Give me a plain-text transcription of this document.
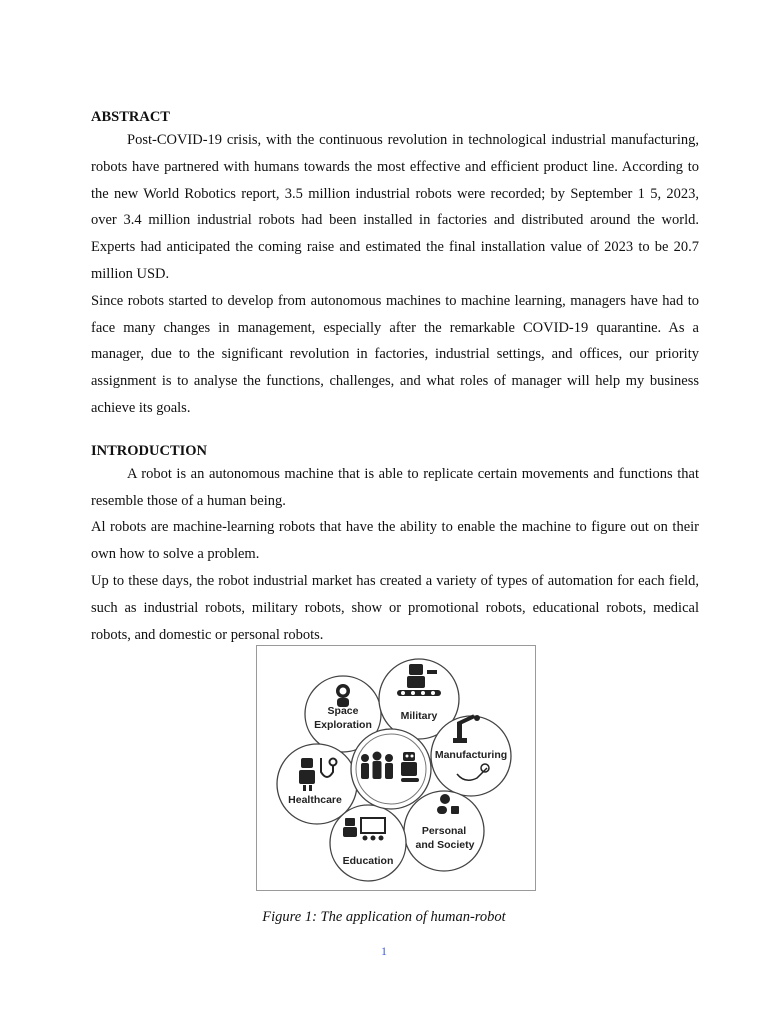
ABSTRACT

Post-COVID-19 crisis, with the continuous revolution in technological industrial manufacturing, robots have partnered with humans towards the most effective and efficient product line. According to the new World Robotics report, 3.5 million industrial robots were recorded; by September 1 5, 2023, over 3.4 million industrial robots had been installed in factories and distributed around the world. Experts had anticipated the coming raise and estimated the final installation value of 2023 to be 20.7 million USD.

Since robots started to develop from autonomous machines to machine learning, managers have had to face many changes in management, especially after the remarkable COVID-19 quarantine. As a manager, due to the significant revolution in factories, industrial settings, and offices, our priority assignment is to analyse the functions, challenges, and what roles of manager will help my business achieve its goals.

INTRODUCTION

A robot is an autonomous machine that is able to replicate certain movements and functions that resemble those of a human being.

Al robots are machine-learning robots that have the ability to enable the machine to figure out on their own how to solve a problem.

Up to these days, the robot industrial market has created a variety of types of automation for each field, such as industrial robots, military robots, show or promotional robots, educational robots, medical robots, and domestic or personal robots.

Space
Exploration
Military
Manufacturing
Healthcare
Personal
and Society
Education
Figure 1: The application of human-robot
1
